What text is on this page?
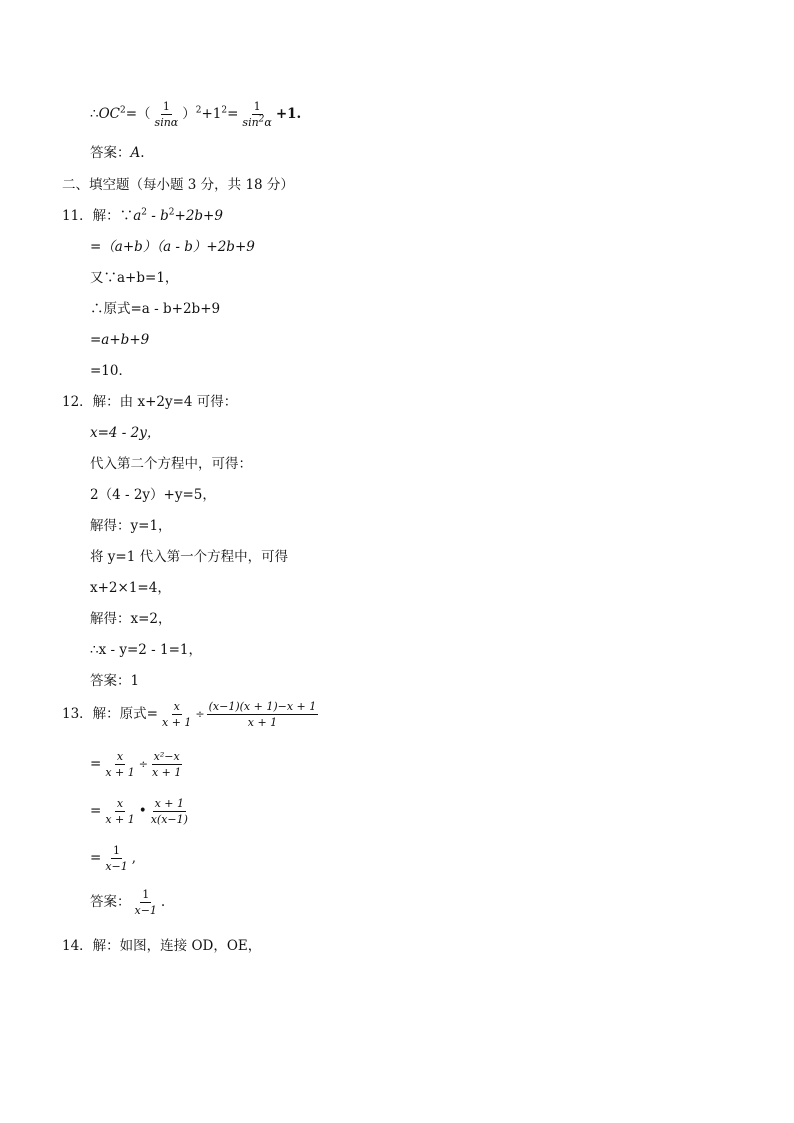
$\therefore OC^2=( \frac{1}{\sin\alpha} )^2+1^2= \frac{1}{\sin^2\alpha} +1$.
答案：A.
二、填空题（每小题 3 分，共 18 分）
11．解：$\because a^2 - b^2+2b+9$
=（a+b）（a - b）+2b+9
又∵a+b=1，
∴原式=a - b+2b+9
=a+b+9
=10．
12．解：由 x+2y=4 可得：
x=4 - 2y，
代入第二个方程中，可得：
2（4 - 2y）+y=5，
解得：y=1，
将 y=1 代入第一个方程中，可得
x+2×1=4，
解得：x=2，
∴x - y=2 - 1=1，
答案：1
13．解：原式= $\frac{x}{x + 1} \div \frac{(x-1)(x + 1)-x + 1}{x + 1}$
= $\frac{x}{x + 1} \div \frac{\text{x²−x}}{x + 1}$
= $\frac{x}{x + 1}$ • $\frac{x + 1}{x(x-1)}$
= $\frac{1}{x-1}$ ,
答案： $\frac{1}{x-1}$ .
14．解：如图，连接 OD，OE，
